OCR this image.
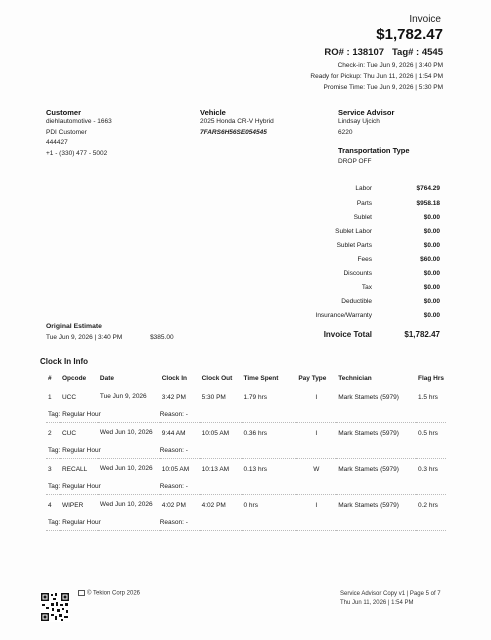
Invoice
$1,782.47
RO# : 138107   Tag# : 4545
Check-in: Tue Jun 9, 2026 | 3:40 PM
Ready for Pickup: Thu Jun 11, 2026 | 1:54 PM
Promise Time: Tue Jun 9, 2026 | 5:30 PM
Customer
diehlautomotive - 1663
PDI Customer
444427
+1 - (330) 477 - 5002
Vehicle
2025 Honda CR-V Hybrid
7FARS6H56SE054545
Service Advisor
Lindsay Ujcich
6220
Transportation Type
DROP OFF
Labor	$764.29
Parts	$958.18
Sublet	$0.00
Sublet Labor	$0.00
Sublet Parts	$0.00
Fees	$60.00
Discounts	$0.00
Tax	$0.00
Deductible	$0.00
Insurance/Warranty	$0.00
Invoice Total	$1,782.47
Original Estimate
Tue Jun 9, 2026 | 3:40 PM	$385.00
Clock In Info
#	Opcode	Date	Clock In	Clock Out	Time Spent	Pay Type	Technician	Flag Hrs
1	UCC	Tue Jun 9, 2026	3:42 PM	5:30 PM	1.79 hrs	I	Mark Stamets (5979)	1.5 hrs
Tag: Regular Hour			Reason: -					
2	CUC	Wed Jun 10, 2026	9:44 AM	10:05 AM	0.36 hrs	I	Mark Stamets (5979)	0.5 hrs
Tag: Regular Hour			Reason: -					
3	RECALL	Wed Jun 10, 2026	10:05 AM	10:13 AM	0.13 hrs	W	Mark Stamets (5979)	0.3 hrs
Tag: Regular Hour			Reason: -					
4	WIPER	Wed Jun 10, 2026	4:02 PM	4:02 PM	0 hrs	I	Mark Stamets (5979)	0.2 hrs
Tag: Regular Hour			Reason: -					
© Tekion Corp 2026	Service Advisor Copy v1 | Page 5 of 7
Thu Jun 11, 2026 | 1:54 PM
